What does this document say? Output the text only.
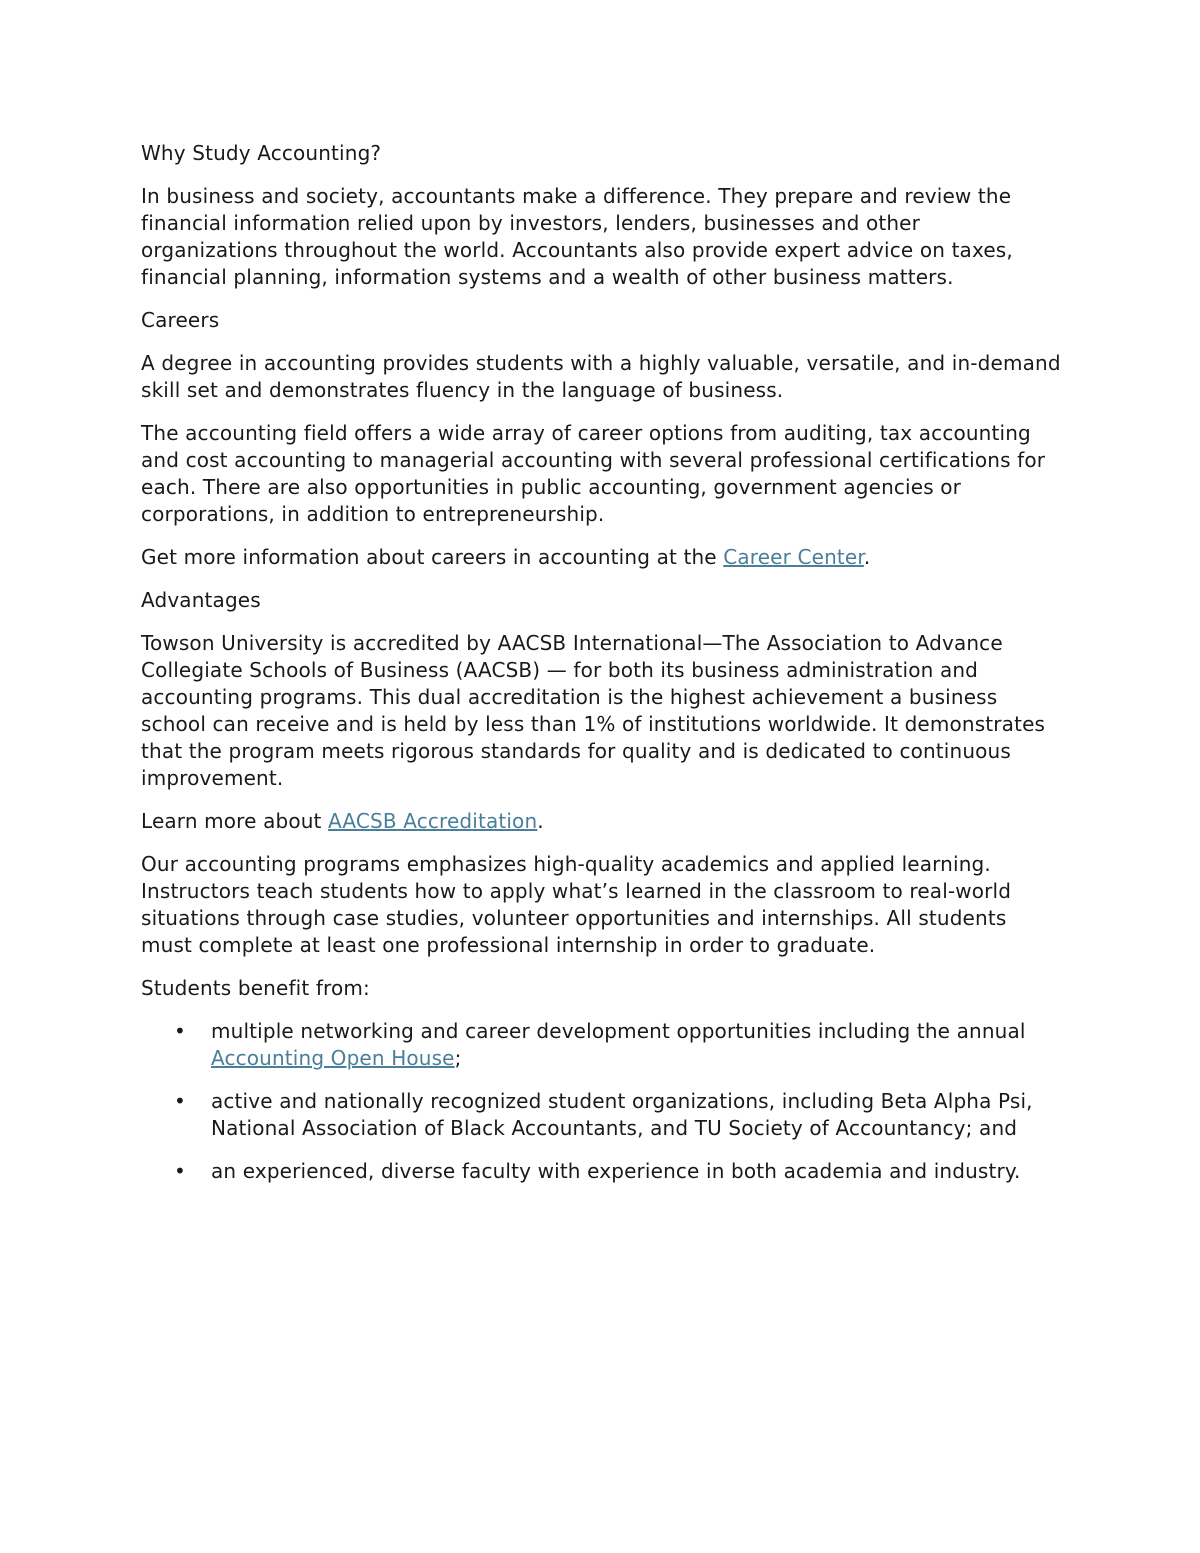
Why Study Accounting?

In business and society, accountants make a difference. They prepare and review the financial information relied upon by investors, lenders, businesses and other organizations throughout the world. Accountants also provide expert advice on taxes, financial planning, information systems and a wealth of other business matters.

Careers

A degree in accounting provides students with a highly valuable, versatile, and in-demand skill set and demonstrates fluency in the language of business.

The accounting field offers a wide array of career options from auditing, tax accounting and cost accounting to managerial accounting with several professional certifications for each. There are also opportunities in public accounting, government agencies or corporations, in addition to entrepreneurship.

Get more information about careers in accounting at the Career Center.

Advantages

Towson University is accredited by AACSB International—The Association to Advance Collegiate Schools of Business (AACSB) — for both its business administration and accounting programs. This dual accreditation is the highest achievement a business school can receive and is held by less than 1% of institutions worldwide. It demonstrates that the program meets rigorous standards for quality and is dedicated to continuous improvement.

Learn more about AACSB Accreditation.

Our accounting programs emphasizes high-quality academics and applied learning. Instructors teach students how to apply what’s learned in the classroom to real-world situations through case studies, volunteer opportunities and internships. All students must complete at least one professional internship in order to graduate.

Students benefit from:

• multiple networking and career development opportunities including the annual Accounting Open House;
• active and nationally recognized student organizations, including Beta Alpha Psi, National Association of Black Accountants, and TU Society of Accountancy; and
• an experienced, diverse faculty with experience in both academia and industry.
